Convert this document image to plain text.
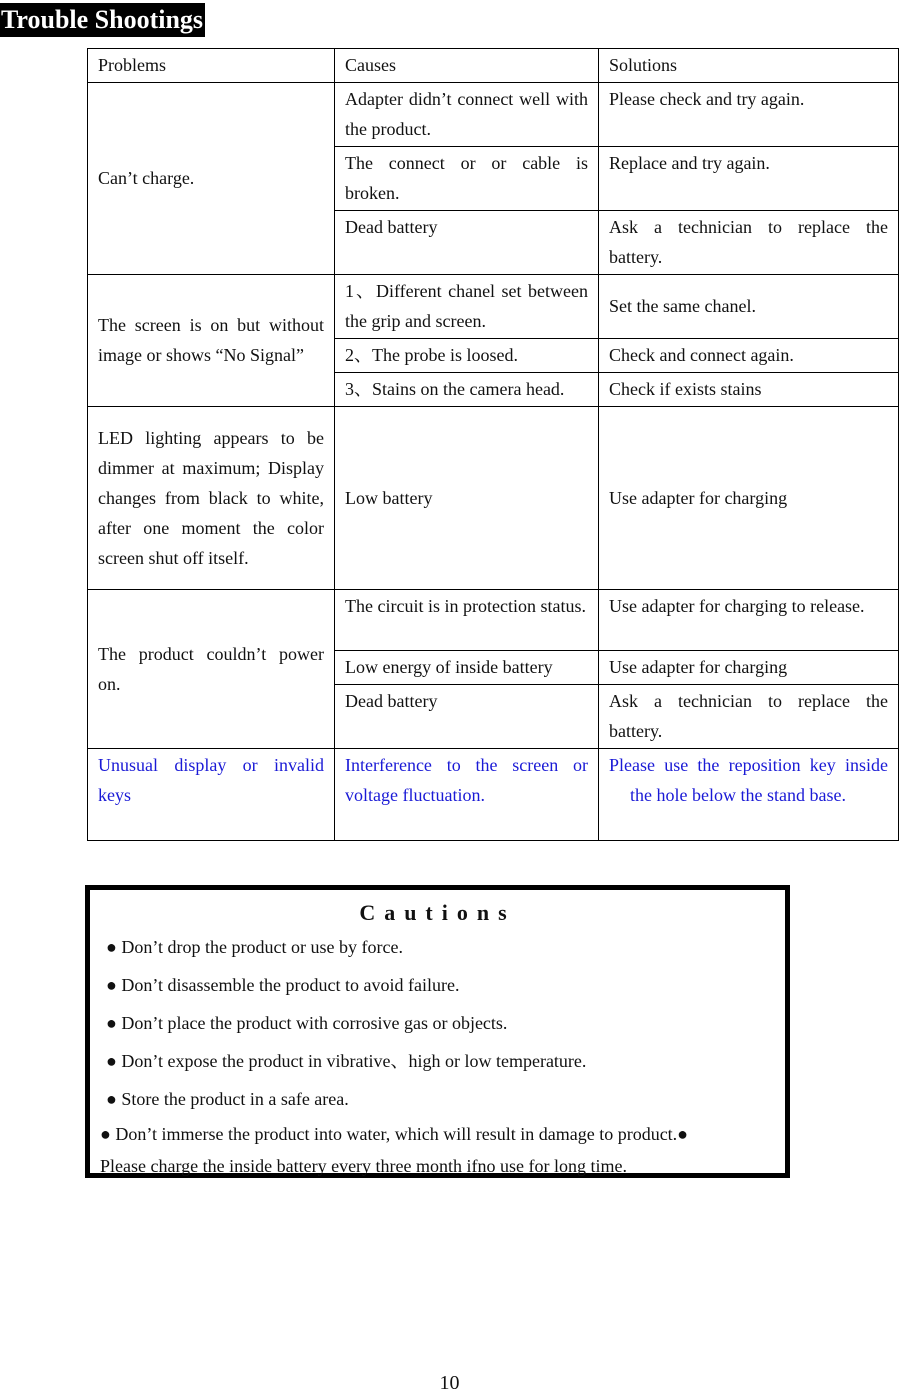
Trouble Shootings
Problems	Causes	Solutions
Can’t charge.	Adapter didn’t connect well with the product.	Please check and try again.
	The connect or or cable is broken.	Replace and try again.
	Dead battery	Ask a technician to replace the battery.
The screen is on but without image or shows “No Signal”	1、Different chanel set between the grip and screen.	Set the same chanel.
	2、The probe is loosed.	Check and connect again.
	3、Stains on the camera head.	Check if exists stains
LED lighting appears to be dimmer at maximum; Display changes from black to white, after one moment the color screen shut off itself.	Low battery	Use adapter for charging
The product couldn’t power on.	The circuit is in protection status.	Use adapter for charging to release.
	Low energy of inside battery	Use adapter for charging
	Dead battery	Ask a technician to replace the battery.
Unusual display or invalid keys	Interference to the screen or voltage fluctuation.	Please use the reposition key inside the hole below the stand base.
Cautions
● Don’t drop the product or use by force.
● Don’t disassemble the product to avoid failure.
● Don’t place the product with corrosive gas or objects.
● Don’t expose the product in vibrative、high or low temperature.
● Store the product in a safe area.
● Don’t immerse the product into water, which will result in damage to product.●
Please charge the inside battery every three month ifno use for long time.
10
